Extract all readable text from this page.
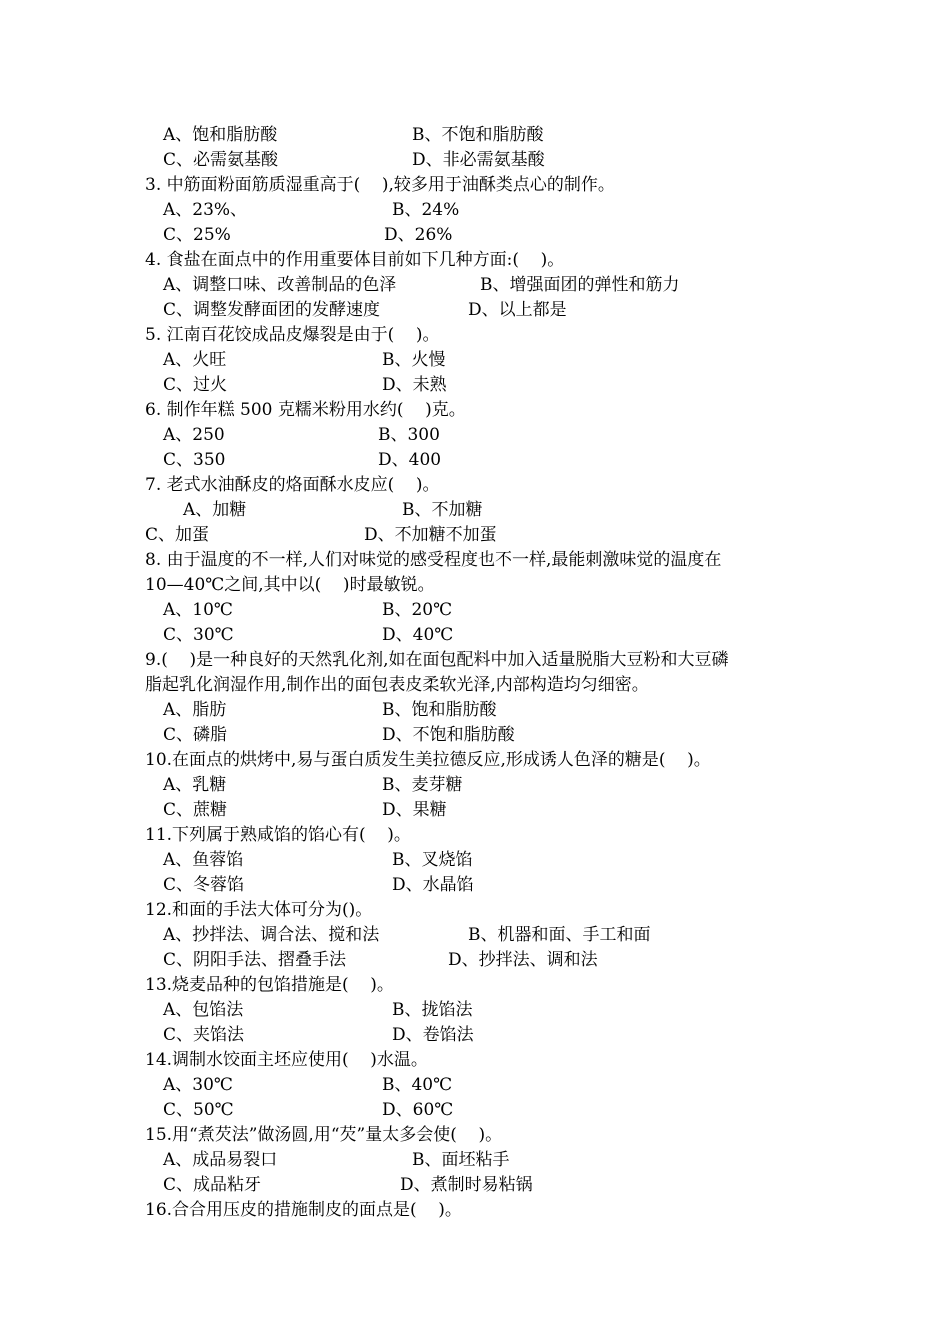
A、饱和脂肪酸	B、不饱和脂肪酸
C、必需氨基酸	D、非必需氨基酸
3. 中筋面粉面筋质湿重高于(    ),较多用于油酥类点心的制作。
A、23%、	B、24%
C、25%	D、26%
4. 食盐在面点中的作用重要体目前如下几种方面:(    )。
A、调整口味、改善制品的色泽	B、增强面团的弹性和筋力
C、调整发酵面团的发酵速度	D、以上都是
5. 江南百花饺成品皮爆裂是由于(    )。
A、火旺	B、火慢
C、过火	D、未熟
6. 制作年糕 500 克糯米粉用水约(    )克。
A、250	B、300
C、350	D、400
7. 老式水油酥皮的烙面酥水皮应(    )。
A、加糖	B、不加糖
C、加蛋	D、不加糖不加蛋
8. 由于温度的不一样,人们对味觉的感受程度也不一样,最能刺激味觉的温度在
10—40℃之间,其中以(    )时最敏锐。
A、10℃	B、20℃
C、30℃	D、40℃
9.(    )是一种良好的天然乳化剂,如在面包配料中加入适量脱脂大豆粉和大豆磷
脂起乳化润湿作用,制作出的面包表皮柔软光泽,内部构造均匀细密。
A、脂肪	B、饱和脂肪酸
C、磷脂	D、不饱和脂肪酸
10.在面点的烘烤中,易与蛋白质发生美拉德反应,形成诱人色泽的糖是(    )。
A、乳糖	B、麦芽糖
C、蔗糖	D、果糖
11.下列属于熟咸馅的馅心有(    )。
A、鱼蓉馅	B、叉烧馅
C、冬蓉馅	D、水晶馅
12.和面的手法大体可分为()。
A、抄拌法、调合法、搅和法	B、机器和面、手工和面
C、阴阳手法、摺叠手法	D、抄拌法、调和法
13.烧麦品种的包馅措施是(    )。
A、包馅法	B、拢馅法
C、夹馅法	D、卷馅法
14.调制水饺面主坯应使用(    )水温。
A、30℃	B、40℃
C、50℃	D、60℃
15.用“煮芡法”做汤圆,用“芡”量太多会使(    )。
A、成品易裂口	B、面坯粘手
C、成品粘牙	D、煮制时易粘锅
16.合合用压皮的措施制皮的面点是(    )。
